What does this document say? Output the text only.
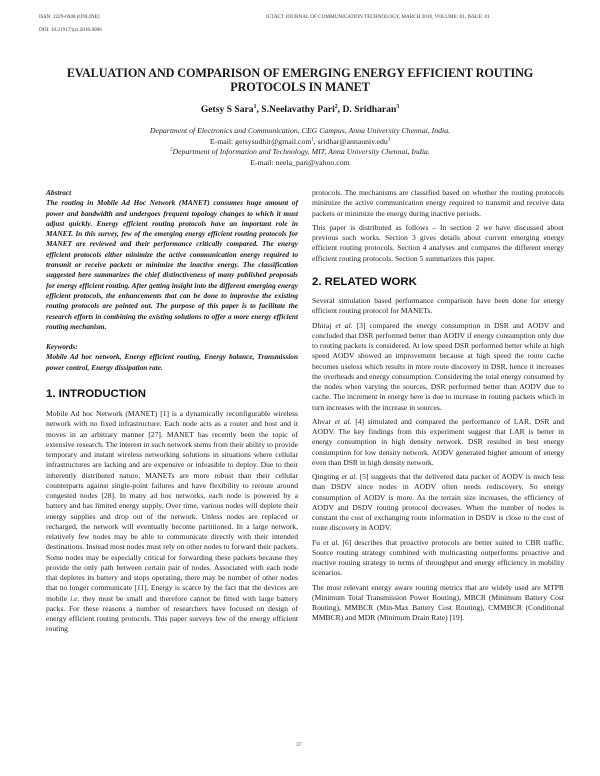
ISSN: 2229-6948 (ONLINE)
DOI: 10.21917/ijct.2010.0006
ICTACT JOURNAL OF COMMUNICATION TECHNOLOGY, MARCH 2010, VOLUME: 01, ISSUE: 01
EVALUATION AND COMPARISON OF EMERGING ENERGY EFFICIENT ROUTING PROTOCOLS IN MANET
Getsy S Sara$^1$, S.Neelavathy Pari$^2$, D. Sridharan$^3$
Department of Electronics and Communication, CEG Campus, Anna University Chennai, India.
E-mail: getsysudhir@gmail.com$^1$, sridhar@annauniv.edu$^3$
$^2$Department of Information and Technology, MIT, Anna University Chennai, India.
E-mail: neela_pari@yahoo.com
Abstract

The routing in Mobile Ad Hoc Network (MANET) consumes huge amount of power and bandwidth and undergoes frequent topology changes to which it must adjust quickly. Energy efficient routing protocols have an important role in MANET. In this survey, few of the emerging energy efficient routing protocols for MANET are reviewed and their performance critically compared. The energy efficient protocols either minimize the active communication energy required to transmit or receive packets or minimize the inactive energy. The classification suggested here summarizes the chief distinctiveness of many published proposals for energy efficient routing. After getting insight into the different emerging energy efficient protocols, the enhancements that can be done to improvise the existing routing protocols are pointed out. The purpose of this paper is to facilitate the research efforts in combining the existing solutions to offer a more energy efficient routing mechanism.

Keywords:

Mobile Ad hoc network, Energy efficient routing, Energy balance, Transmission power control, Energy dissipation rate.

1. INTRODUCTION

Mobile Ad hoc Network (MANET) [1] is a dynamically reconfigurable wireless network with no fixed infrastructure. Each node acts as a router and host and it moves in an arbitrary manner [27]. MANET has recently been the topic of extensive research. The interest in such network stems from their ability to provide temporary and instant wireless networking solutions in situations where cellular infrastructures are lacking and are expensive or infeasible to deploy. Due to their inherently distributed nature, MANETs are more robust than their cellular counterparts against single-point failures and have flexibility to reroute around congested nodes [28]. In many ad hoc networks, each node is powered by a battery and has limited energy supply. Over time, various nodes will deplete their energy supplies and drop out of the network. Unless nodes are replaced or recharged, the network will eventually become partitioned. In a large network, relatively few nodes may be able to communicate directly with their intended destinations. Instead most nodes must rely on other nodes to forward their packets. Some nodes may be especially critical for forwarding these packets because they provide the only path between certain pair of nodes. Associated with each node that depletes its battery and stops operating, there may be number of other nodes that no longer communicate [11]. Energy is scarce by the fact that the devices are mobile i.e. they must be small and therefore cannot be fitted with large battery packs. For these reasons a number of researchers have focused on design of energy efficient routing protocols. This paper surveys few of the energy efficient routing

protocols. The mechanisms are classified based on whether the routing protocols minimize the active communication energy required to transmit and receive data packets or minimize the energy during inactive periods.

This paper is distributed as follows – In section 2 we have discussed about previous such works. Section 3 gives details about current emerging energy efficient routing protocols. Section 4 analyses and compares the different energy efficient routing protocols. Section 5 summarizes this paper.

2. RELATED WORK

Several simulation based performance comparison have been done for energy efficient routing protocol for MANETs.

Dhiraj et al. [3] compared the energy consumption in DSR and AODV and concluded that DSR performed better than AODV if energy consumption only due to routing packets is considered. At low speed DSR performed better while at high speed AODV showed an improvement because at high speed the route cache becomes useless which results in more route discovery in DSR, hence it increases the overheads and energy consumption. Considering the total energy consumed by the nodes when varying the sources, DSR performed better than AODV due to cache. The increment in energy here is due to increase in routing packets which in turn increases with the increase in sources.

Ahvar et al. [4] simulated and compared the performance of LAR, DSR and AODV. The key findings from this experiment suggest that LAR is better in energy consumption in high density network. DSR resulted in best energy consumption for low density network. AODV generated higher amount of energy even than DSR in high density network.

Qingting et al. [5] suggests that the delivered data packet of AODV is much less than DSDV since nodes in AODV often needs rediscovery. So energy consumption of AODV is more. As the terrain size increases, the efficiency of AODV and DSDV routing protocol decreases. When the number of nodes is constant the cost of exchanging route information in DSDV is close to the cost of route discovery in AODV.

Fu et al. [6] describes that proactive protocols are better suited to CBR traffic. Source routing strategy combined with multicasting outperforms proactive and reactive routing strategy in terms of throughput and energy efficiency in mobility scenarios.

The most relevant energy aware routing metrics that are widely used are MTPR (Minimum Total Transmission Power Routing), MBCR (Minimum Battery Cost Routing), MMBCR (Min-Max Battery Cost Routing), CMMBCR (Conditional MMBCR) and MDR (Minimum Drain Rate) [19].

37
